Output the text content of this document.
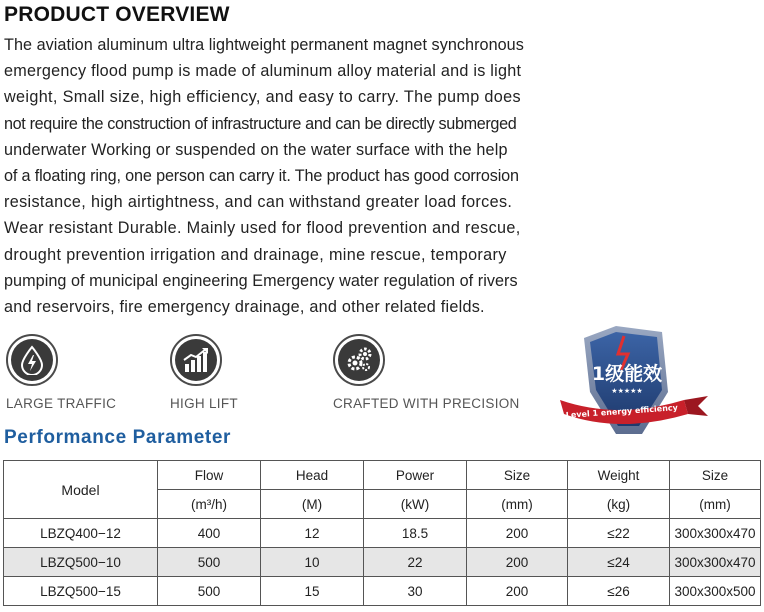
PRODUCT OVERVIEW

The aviation aluminum ultra lightweight permanent magnet synchronous
emergency flood pump is made of aluminum alloy material and is light
weight, Small size, high efficiency, and easy to carry. The pump does
not require the construction of infrastructure and can be directly submerged
underwater Working or suspended on the water surface with the help
of a floating ring, one person can carry it. The product has good corrosion
resistance, high airtightness, and can withstand greater load forces.
Wear resistant Durable. Mainly used for flood prevention and rescue,
drought prevention irrigation and drainage, mine rescue, temporary
pumping of municipal engineering Emergency water regulation of rivers
and reservoirs, fire emergency drainage, and other related fields.

LARGE TRAFFIC	HIGH LIFT	CRAFTED WITH PRECISION
1级能效
★★★★★
Level 1 energy efficiency
Performance Parameter
Model	Flow	Head	Power	Size	Weight	Size
	(m³/h)	(M)	(kW)	(mm)	(kg)	(mm)
LBZQ400−12	400	12	18.5	200	≤22	300x300x470
LBZQ500−10	500	10	22	200	≤24	300x300x470
LBZQ500−15	500	15	30	200	≤26	300x300x500
